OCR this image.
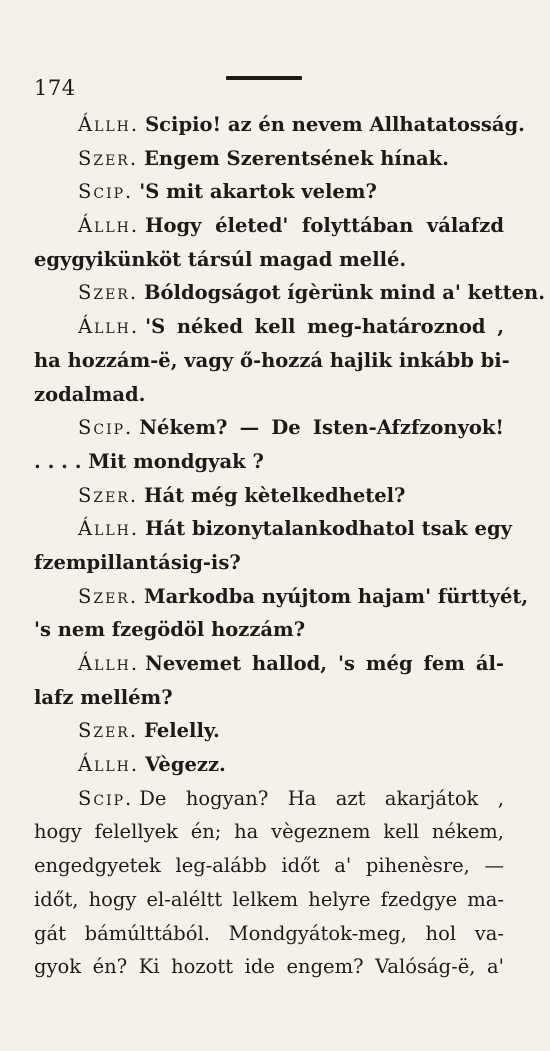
174
Állh. Scipio! az én nevem Allhatatosság.
Szer. Engem Szerentsének hínak.
Scip. 'S mit akartok velem?
Állh. Hogy életed' folyttában válafzd
egygyikünköt társúl magad mellé.
Szer. Bóldogságot ígèrünk mind a' ketten.
Állh. 'S néked kell meg-határoznod ,
ha hozzám-ë, vagy ő-hozzá hajlik inkább bi-
zodalmad.
Scip. Nékem? — De Isten-Afzfzonyok!
. . . . Mit mondgyak ?
Szer. Hát még kètelkedhetel?
Állh. Hát bizonytalankodhatol tsak egy
fzempillantásig-is?
Szer. Markodba nyújtom hajam' fürttyét,
's nem fzegödöl hozzám?
Állh. Nevemet hallod, 's még fem ál-
lafz mellém?
Szer. Felelly.
Állh. Vègezz.
Scip. De hogyan? Ha azt akarjátok ,
hogy felellyek én; ha vègeznem kell nékem,
engedgyetek leg-alább időt a' pihenèsre, —
időt, hogy el-aléltt lelkem helyre fzedgye ma-
gát bámúlttából. Mondgyátok-meg, hol va-
gyok én? Ki hozott ide engem? Valóság-ë, a'
